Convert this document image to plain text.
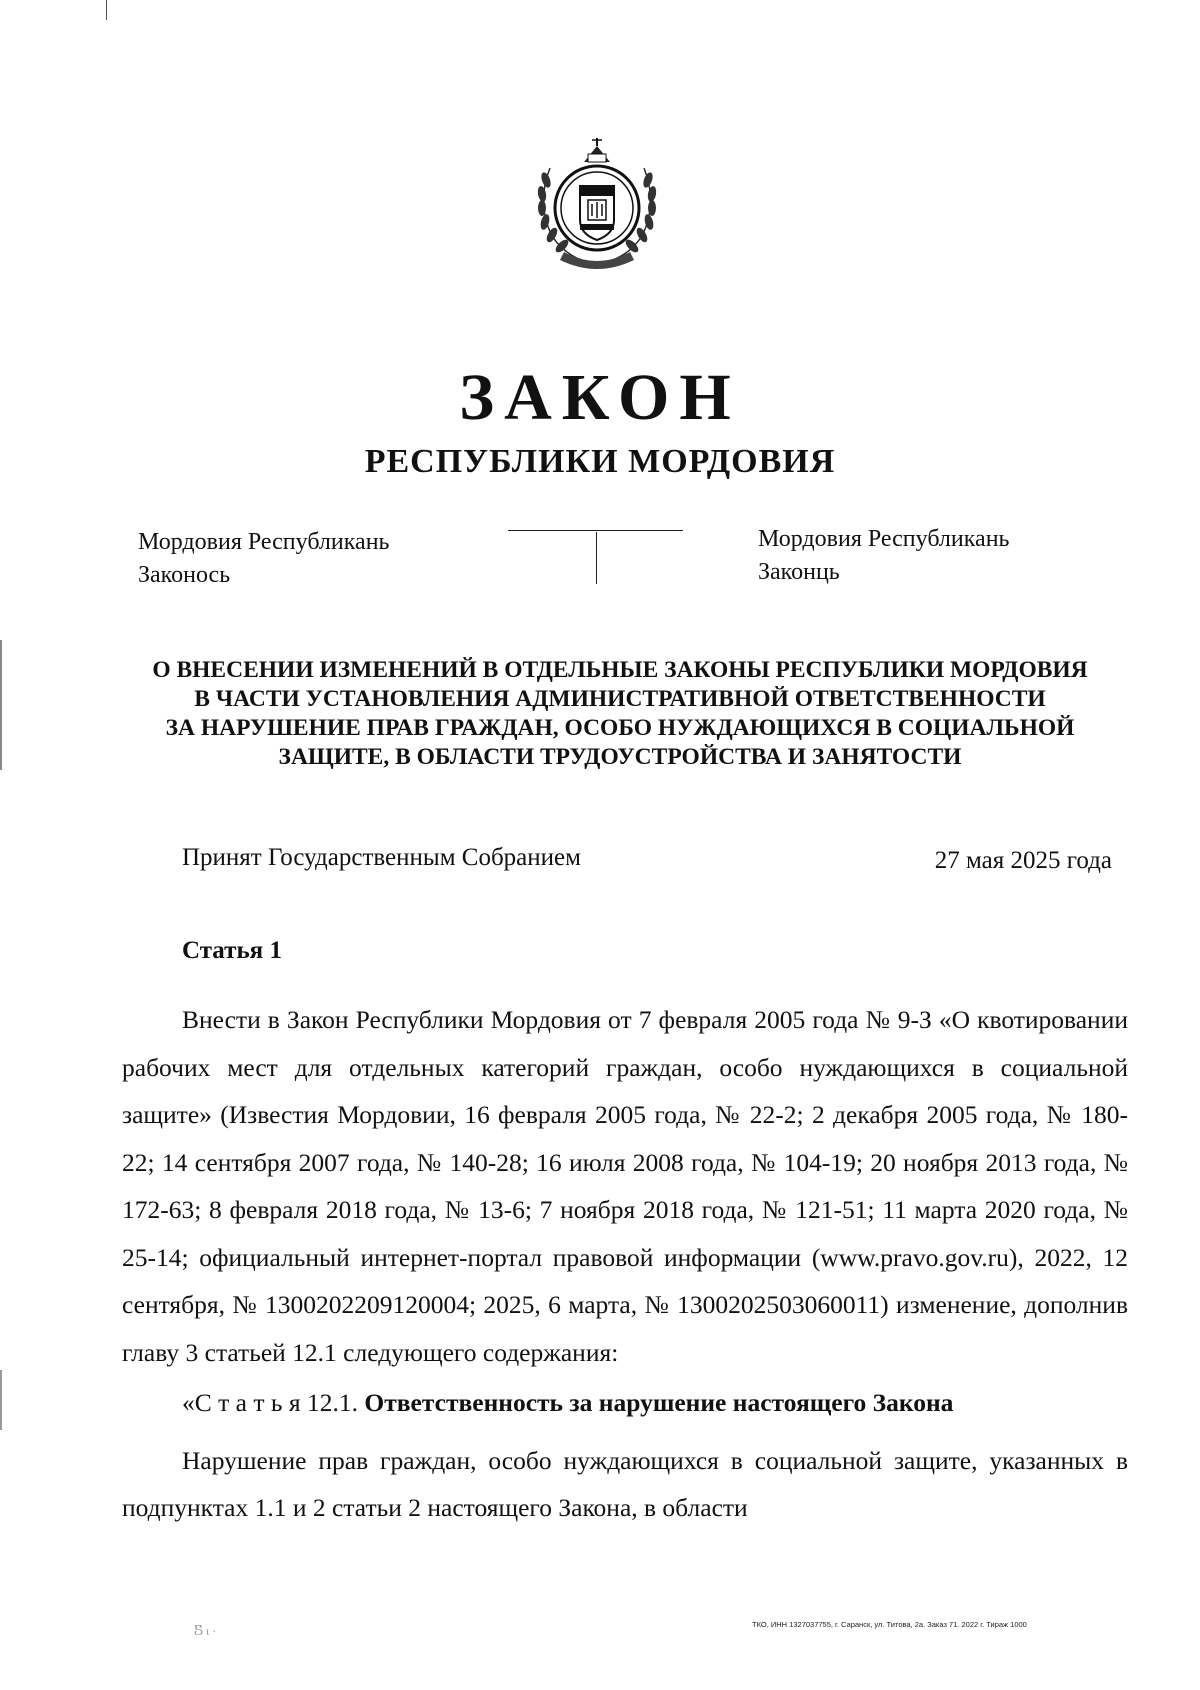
ЗАКОН
РЕСПУБЛИКИ МОРДОВИЯ
Мордовия Республикань
Законось
Мордовия Республикань
Законць
О ВНЕСЕНИИ ИЗМЕНЕНИЙ В ОТДЕЛЬНЫЕ ЗАКОНЫ РЕСПУБЛИКИ МОРДОВИЯ
В ЧАСТИ УСТАНОВЛЕНИЯ АДМИНИСТРАТИВНОЙ ОТВЕТСТВЕННОСТИ
ЗА НАРУШЕНИЕ ПРАВ ГРАЖДАН, ОСОБО НУЖДАЮЩИХСЯ В СОЦИАЛЬНОЙ
ЗАЩИТЕ, В ОБЛАСТИ ТРУДОУСТРОЙСТВА И ЗАНЯТОСТИ
Принят Государственным Собранием	27 мая 2025 года
Статья 1

Внести в Закон Республики Мордовия от 7 февраля 2005 года № 9-З «О квотировании рабочих мест для отдельных категорий граждан, особо нуждающихся в социальной защите» (Известия Мордовии, 16 февраля 2005 года, № 22-2; 2 декабря 2005 года, № 180-22; 14 сентября 2007 года, № 140-28; 16 июля 2008 года, № 104-19; 20 ноября 2013 года, № 172-63; 8 февраля 2018 года, № 13-6; 7 ноября 2018 года, № 121-51; 11 марта 2020 года, № 25-14; официальный интернет-портал правовой информации (www.pravo.gov.ru), 2022, 12 сентября, № 1300202209120004; 2025, 6 марта, № 1300202503060011) изменение, дополнив главу 3 статьей 12.1 следующего содержания:

«С т а т ь я 12.1. Ответственность за нарушение настоящего Закона

Нарушение прав граждан, особо нуждающихся в социальной защите, указанных в подпунктах 1.1 и 2 статьи 2 настоящего Закона, в области

Ⴝ ι ·	ТКО, ИНН 1327037755, г. Саранск, ул. Титова, 2а. Заказ 71. 2022 г. Тираж 1000
